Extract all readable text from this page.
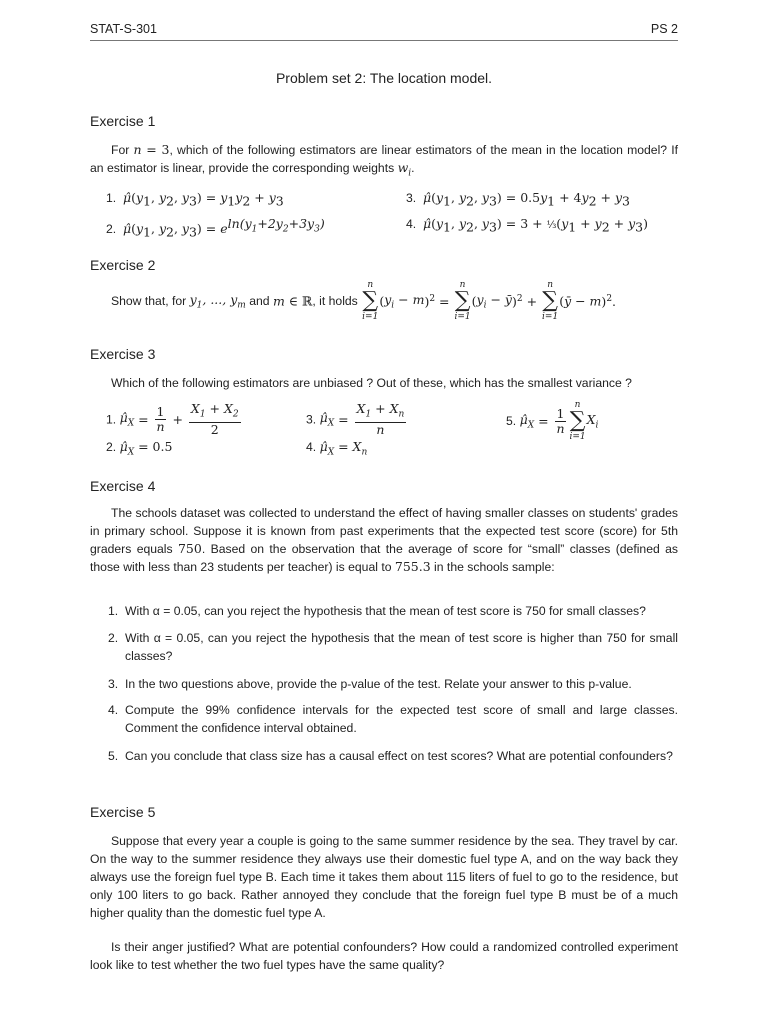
STAT-S-301	PS 2
Problem set 2: The location model.
Exercise 1
For n = 3, which of the following estimators are linear estimators of the mean in the location model? If an estimator is linear, provide the corresponding weights $w_i$.
1. $\mû(y_1$, $y_2$, $y_3) = y_1y_2 + y_3$
2. $\mû(y_1$, $y_2$, $y_3) = e^{ln(y_1+2y_2+3y_3)}$
3. $\mû(y_1$, $y_2$, $y_3) = 0.5y_1 + 4y_2 + y_3$
4. $\mû(y_1$, $y_2$, $y_3) = 3$ + $\frac{1}{3}(y_1 + y_2 + y_3)$
Exercise 2
Show that, for $y_1$, ..., $y_m$ and m ∈ ℝ, it holds
n
∑
i=1
$(y_i - m)^2$ =
n
∑
i=1
($y_i$ − ȳ)$^2$ +
n
∑
i=1
(ȳ − m)$^2$.
Exercise 3
Which of the following estimators are unbiased ? Out of these, which has the smallest variance ?
1. $\mû_X = \frac{1}{n} + \frac{X_1 + X_2}{2}$
2. $\mû_X = 0.5$
3. $\mû_X = \frac{X_1 + X_n}{n}$
4. $\mû_X = X_n$
5. $\mû_X = \frac{1}{n}$
n
∑
i=1
$X_i$
Exercise 4
The schools dataset was collected to understand the effect of having smaller classes on students' grades in primary school. Suppose it is known from past experiments that the expected test score (score) for 5th graders equals 750. Based on the observation that the average of score for “small” classes (defined as those with less than 23 students per teacher) is equal to 755.3 in the schools sample:
1. With α = 0.05, can you reject the hypothesis that the mean of test score is 750 for small classes?
2. With α = 0.05, can you reject the hypothesis that the mean of test score is higher than 750 for small classes?
3. In the two questions above, provide the p-value of the test. Relate your answer to this p-value.
4. Compute the 99% confidence intervals for the expected test score of small and large classes. Comment the confidence interval obtained.
5. Can you conclude that class size has a causal effect on test scores? What are potential confounders?
Exercise 5
Suppose that every year a couple is going to the same summer residence by the sea. They travel by car. On the way to the summer residence they always use their domestic fuel type A, and on the way back they always use the foreign fuel type B. Each time it takes them about 115 liters of fuel to go to the residence, but only 100 liters to go back. Rather annoyed they conclude that the foreign fuel type B must be of a much higher quality than the domestic fuel type A.
Is their anger justified? What are potential confounders? How could a randomized controlled experiment look like to test whether the two fuel types have the same quality?
